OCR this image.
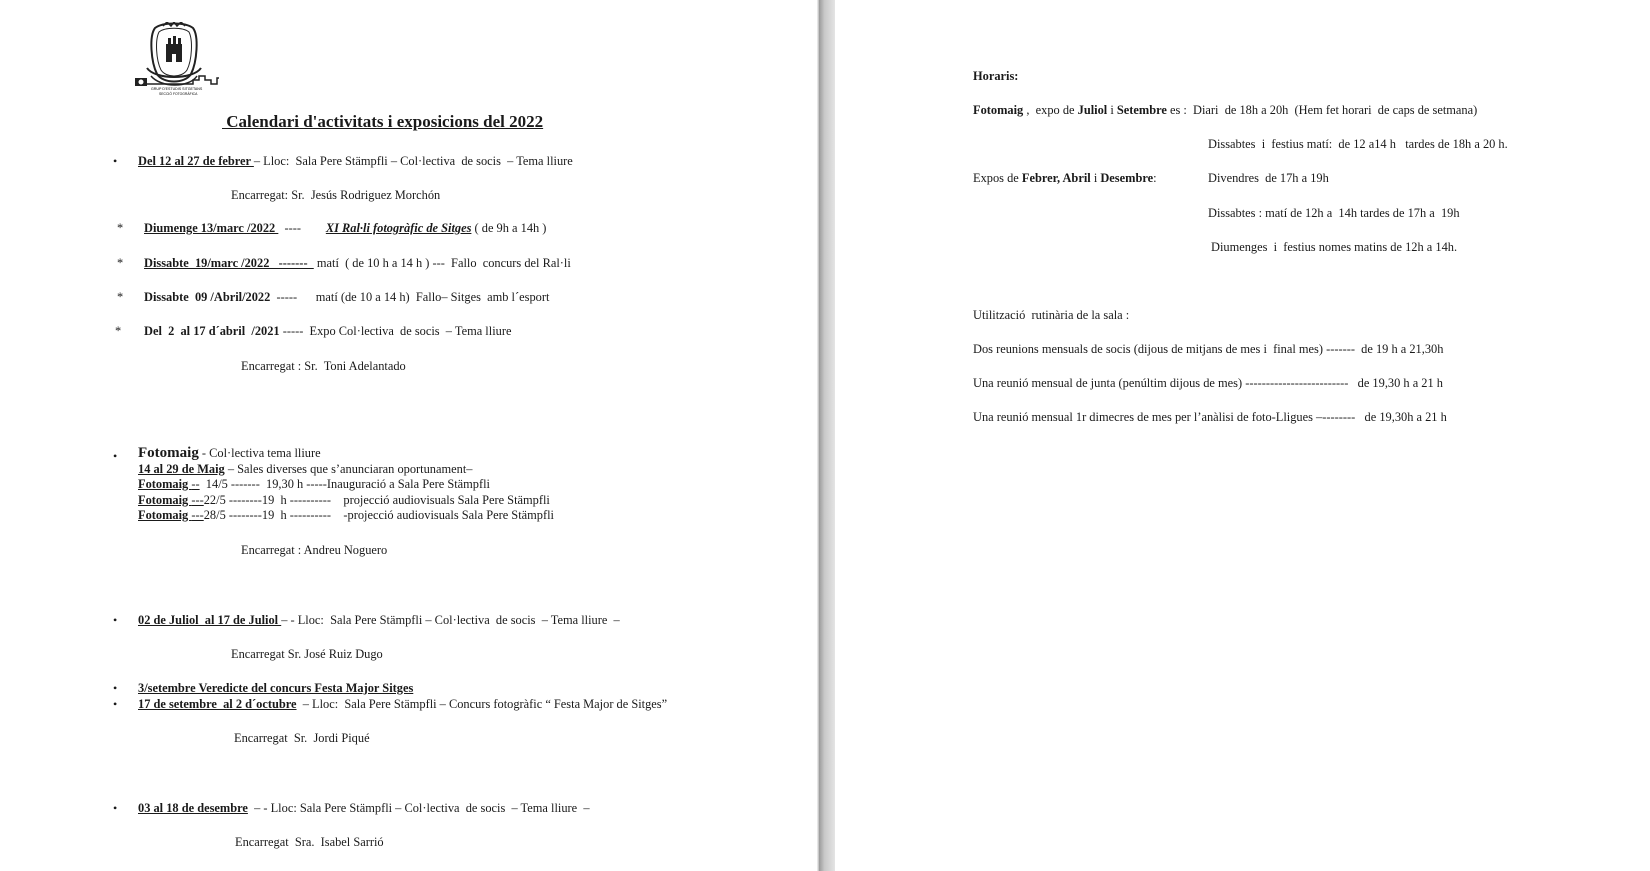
GRUP D'ESTUDIS SITGETANS
SECCIÓ FOTOGRÀFICA
Calendari d'activitats i exposicions del 2022
• Del 12 al 27 de febrer – Lloc:  Sala Pere Stämpfli – Col·lectiva  de socis  – Tema lliure
Encarregat: Sr.  Jesús Rodriguez Morchón
* Diumenge 13/marc /2022   ----        XI Ral·li fotogràfic de Sitges ( de 9h a 14h )
* Dissabte  19/marc /2022   -------   matí  ( de 10 h a 14 h ) ---  Fallo  concurs del Ral·li
* Dissabte  09 /Abril/2022  -----      matí (de 10 a 14 h)  Fallo– Sitges  amb l´esport
* Del  2  al 17 d´abril  /2021 -----  Expo Col·lectiva  de socis  – Tema lliure
Encarregat : Sr.  Toni Adelantado
• Fotomaig - Col·lectiva tema lliure
14 al 29 de Maig – Sales diverses que s’anunciaran oportunament–
Fotomaig --  14/5 -------  19,30 h -----Inauguració a Sala Pere Stämpfli
Fotomaig ---22/5 --------19  h ----------    projecció audiovisuals Sala Pere Stämpfli
Fotomaig ---28/5 --------19  h ----------    -projecció audiovisuals Sala Pere Stämpfli
Encarregat : Andreu Noguero
• 02 de Juliol  al 17 de Juliol – - Lloc:  Sala Pere Stämpfli – Col·lectiva  de socis  – Tema lliure  –
Encarregat Sr. José Ruiz Dugo
• 3/setembre Veredicte del concurs Festa Major Sitges
• 17 de setembre  al 2 d´octubre  – Lloc:  Sala Pere Stämpfli – Concurs fotogràfic “ Festa Major de Sitges”
Encarregat  Sr.  Jordi Piqué
• 03 al 18 de desembre  – - Lloc: Sala Pere Stämpfli – Col·lectiva  de socis  – Tema lliure  –
Encarregat  Sra.  Isabel Sarrió
Horaris:
Fotomaig ,  expo de Juliol i Setembre es :  Diari  de 18h a 20h  (Hem fet horari  de caps de setmana)
Dissabtes  i  festius matí:  de 12 a14 h   tardes de 18h a 20 h.
Expos de Febrer, Abril i Desembre:	Divendres  de 17h a 19h
Dissabtes : matí de 12h a  14h tardes de 17h a  19h
Diumenges  i  festius nomes matins de 12h a 14h.
Utilització  rutinària de la sala :
Dos reunions mensuals de socis (dijous de mitjans de mes i  final mes) -------  de 19 h a 21,30h
Una reunió mensual de junta (penúltim dijous de mes) -------------------------   de 19,30 h a 21 h
Una reunió mensual 1r dimecres de mes per l’anàlisi de foto-Lligues –--------   de 19,30h a 21 h
